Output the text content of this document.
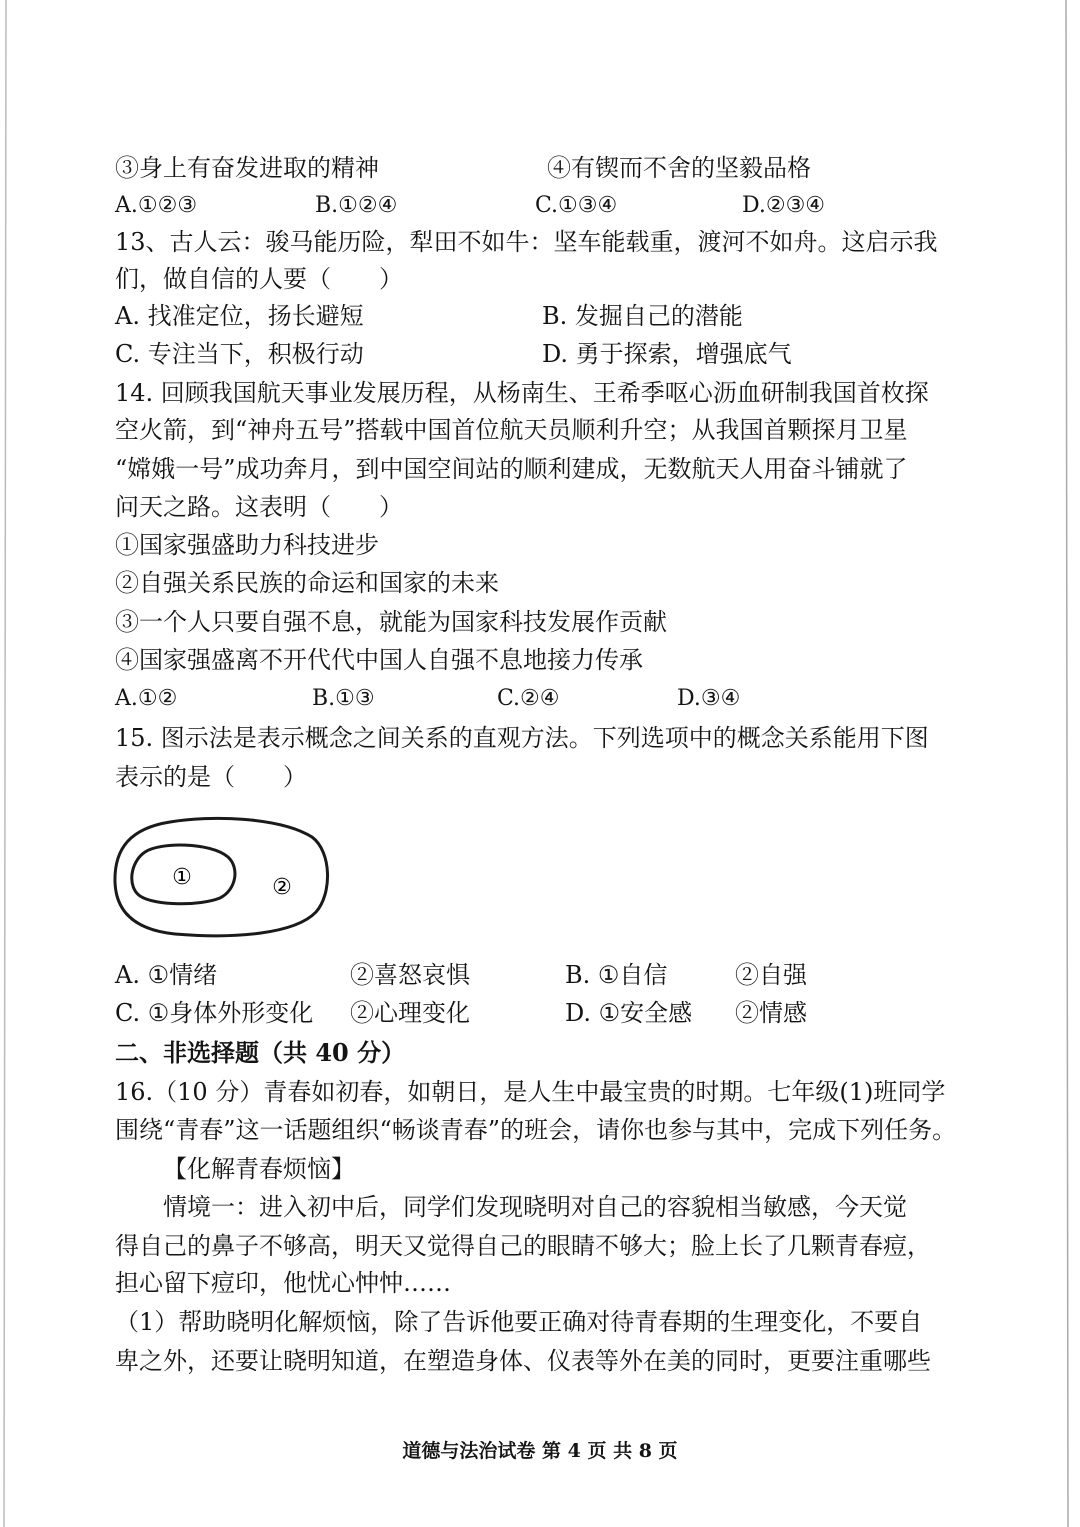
③身上有奋发进取的精神	④有锲而不舍的坚毅品格
A.①②③	B.①②④	C.①③④	D.②③④
13、古人云：骏马能历险，犁田不如牛：坚车能载重，渡河不如舟。这启示我
们，做自信的人要（　　）
A. 找准定位，扬长避短	B. 发掘自己的潜能
C. 专注当下，积极行动	D. 勇于探索，增强底气
14. 回顾我国航天事业发展历程，从杨南生、王希季呕心沥血研制我国首枚探
空火箭，到“神舟五号”搭载中国首位航天员顺利升空；从我国首颗探月卫星
“嫦娥一号”成功奔月，到中国空间站的顺利建成，无数航天人用奋斗铺就了
问天之路。这表明（　　）
①国家强盛助力科技进步
②自强关系民族的命运和国家的未来
③一个人只要自强不息，就能为国家科技发展作贡献
④国家强盛离不开代代中国人自强不息地接力传承
A.①②	B.①③	C.②④	D.③④
15. 图示法是表示概念之间关系的直观方法。下列选项中的概念关系能用下图
表示的是（　　）
①	②
A. ①情绪	②喜怒哀惧	B. ①自信	②自强
C. ①身体外形变化 ②心理变化	D. ①安全感 ②情感
二、非选择题（共 40 分）
16.（10 分）青春如初春，如朝日，是人生中最宝贵的时期。七年级(1)班同学
围绕“青春”这一话题组织“畅谈青春”的班会，请你也参与其中，完成下列任务。
【化解青春烦恼】
情境一：进入初中后，同学们发现晓明对自己的容貌相当敏感，今天觉
得自己的鼻子不够高，明天又觉得自己的眼睛不够大；脸上长了几颗青春痘，
担心留下痘印，他忧心忡忡……
（1）帮助晓明化解烦恼，除了告诉他要正确对待青春期的生理变化，不要自
卑之外，还要让晓明知道，在塑造身体、仪表等外在美的同时，更要注重哪些
道德与法治试卷 第 4 页 共 8 页
